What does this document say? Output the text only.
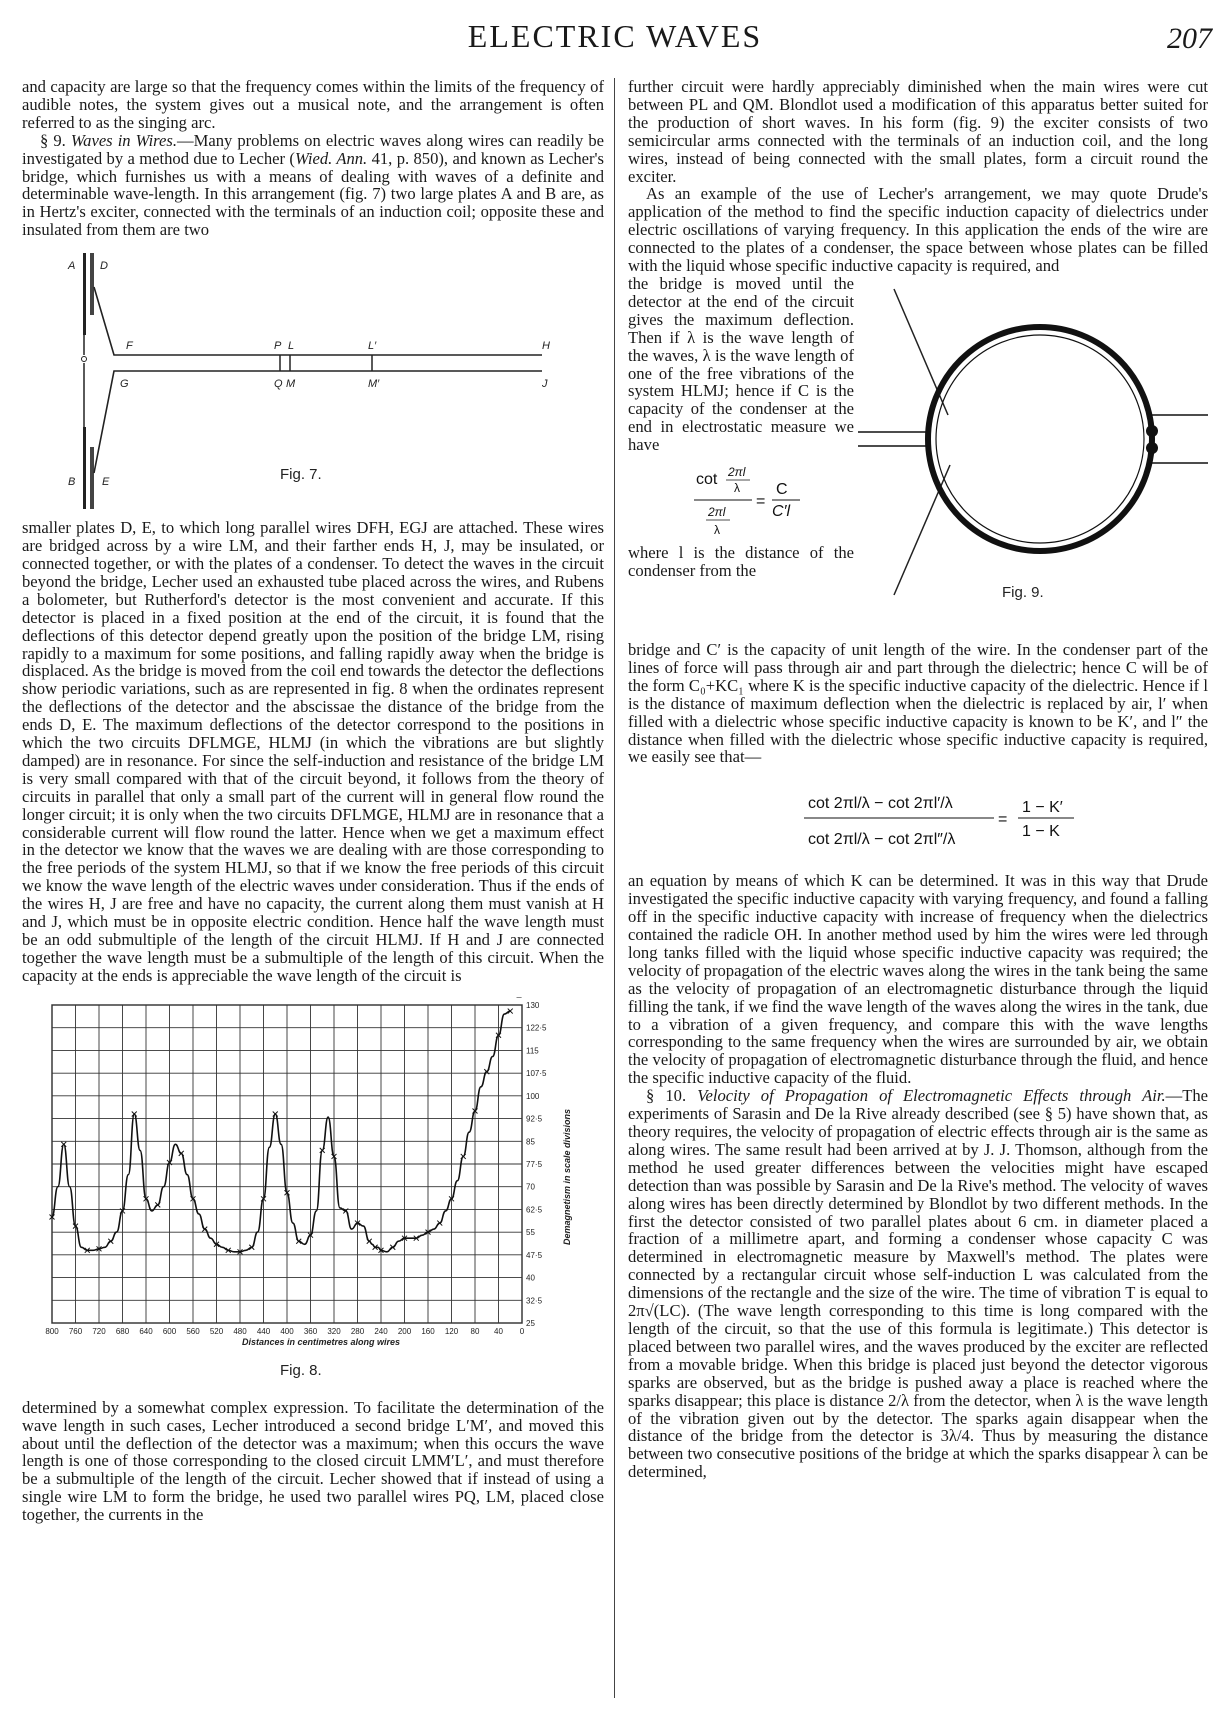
ELECTRIC WAVES	207

and capacity are large so that the frequency comes within the limits of the frequency of audible notes, the system gives out a musical note, and the arrangement is often referred to as the singing arc.

§ 9. Waves in Wires.—Many problems on electric waves along wires can readily be investigated by a method due to Lecher (Wied. Ann. 41, p. 850), and known as Lecher's bridge, which furnishes us with a means of dealing with waves of a definite and determinable wave-length. In this arrangement (fig. 7) two large plates A and B are, as in Hertz's exciter, connected with the terminals of an induction coil; opposite these and insulated from them are two

A D
B E
F
G
P L	L′
Q M	M′
H
J
Fig. 7.

smaller plates D, E, to which long parallel wires DFH, EGJ are attached. These wires are bridged across by a wire LM, and their farther ends H, J, may be insulated, or connected together, or with the plates of a condenser. To detect the waves in the circuit beyond the bridge, Lecher used an exhausted tube placed across the wires, and Rubens a bolometer, but Rutherford's detector is the most convenient and accurate. If this detector is placed in a fixed position at the end of the circuit, it is found that the deflections of this detector depend greatly upon the position of the bridge LM, rising rapidly to a maximum for some positions, and falling rapidly away when the bridge is displaced. As the bridge is moved from the coil end towards the detector the deflections show periodic variations, such as are represented in fig. 8 when the ordinates represent the deflections of the detector and the abscissae the distance of the bridge from the ends D, E. The maximum deflections of the detector correspond to the positions in which the two circuits DFLMGE, HLMJ (in which the vibrations are but slightly damped) are in resonance. For since the self-induction and resistance of the bridge LM is very small compared with that of the circuit beyond, it follows from the theory of circuits in parallel that only a small part of the current will in general flow round the longer circuit; it is only when the two circuits DFLMGE, HLMJ are in resonance that a considerable current will flow round the latter. Hence when we get a maximum effect in the detector we know that the waves we are dealing with are those corresponding to the free periods of the system HLMJ, so that if we know the free periods of this circuit we know the wave length of the electric waves under consideration. Thus if the ends of the wires H, J are free and have no capacity, the current along them must vanish at H and J, which must be in opposite electric condition. Hence half the wave length must be an odd submultiple of the length of the circuit HLMJ. If H and J are connected together the wave length must be a submultiple of the length of this circuit. When the capacity at the ends is appreciable the wave length of the circuit is

800 760 720 680 640 600 560 520 480 440 400 360 320 280 240 200 160 120 80 40 0
25
32·5
40
47·5
55
62·5
70
77·5
85
92·5
100
107·5
115
122·5
130
Distances in centimetres along wires
Demagnetism in scale divisions
Fig. 8.

determined by a somewhat complex expression. To facilitate the determination of the wave length in such cases, Lecher introduced a second bridge L′M′, and moved this about until the deflection of the detector was a maximum; when this occurs the wave length is one of those corresponding to the closed circuit LMM′L′, and must therefore be a submultiple of the length of the circuit. Lecher showed that if instead of using a single wire LM to form the bridge, he used two parallel wires PQ, LM, placed close together, the currents in the

further circuit were hardly appreciably diminished when the main wires were cut between PL and QM. Blondlot used a modification of this apparatus better suited for the production of short waves. In his form (fig. 9) the exciter consists of two semicircular arms connected with the terminals of an induction coil, and the long wires, instead of being connected with the small plates, form a circuit round the exciter.

As an example of the use of Lecher's arrangement, we may quote Drude's application of the method to find the specific induction capacity of dielectrics under electric oscillations of varying frequency. In this application the ends of the wire are connected to the plates of a condenser, the space between whose plates can be filled with the liquid whose specific inductive capacity is required, and

the bridge is moved until the detector at the end of the circuit gives the maximum deflection. Then if λ is the wave length of the waves, λ is the wave length of one of the free vibrations of the system HLMJ; hence if C is the capacity of the condenser at the end in electrostatic measure we have

cot 2πl
λ
2πl
λ
=
C
C′l

where l is the distance of the condenser from the

Fig. 9.

bridge and C′ is the capacity of unit length of the wire. In the condenser part of the lines of force will pass through air and part through the dielectric; hence C will be of the form C₀+KC₁ where K is the specific inductive capacity of the dielectric. Hence if l is the distance of maximum deflection when the dielectric is replaced by air, l′ when filled with a dielectric whose specific inductive capacity is known to be K′, and l″ the distance when filled with the dielectric whose specific inductive capacity is required, we easily see that—

cot 2πl/λ − cot 2πl′/λ
cot 2πl/λ − cot 2πl″/λ
=
1 − K′
1 − K

an equation by means of which K can be determined. It was in this way that Drude investigated the specific inductive capacity with varying frequency, and found a falling off in the specific inductive capacity with increase of frequency when the dielectrics contained the radicle OH. In another method used by him the wires were led through long tanks filled with the liquid whose specific inductive capacity was required; the velocity of propagation of the electric waves along the wires in the tank being the same as the velocity of propagation of an electromagnetic disturbance through the liquid filling the tank, if we find the wave length of the waves along the wires in the tank, due to a vibration of a given frequency, and compare this with the wave lengths corresponding to the same frequency when the wires are surrounded by air, we obtain the velocity of propagation of electromagnetic disturbance through the fluid, and hence the specific inductive capacity of the fluid.

§ 10. Velocity of Propagation of Electromagnetic Effects through Air.—The experiments of Sarasin and De la Rive already described (see § 5) have shown that, as theory requires, the velocity of propagation of electric effects through air is the same as along wires. The same result had been arrived at by J. J. Thomson, although from the method he used greater differences between the velocities might have escaped detection than was possible by Sarasin and De la Rive's method. The velocity of waves along wires has been directly determined by Blondlot by two different methods. In the first the detector consisted of two parallel plates about 6 cm. in diameter placed a fraction of a millimetre apart, and forming a condenser whose capacity C was determined in electromagnetic measure by Maxwell's method. The plates were connected by a rectangular circuit whose self-induction L was calculated from the dimensions of the rectangle and the size of the wire. The time of vibration T is equal to 2π√(LC). (The wave length corresponding to this time is long compared with the length of the circuit, so that the use of this formula is legitimate.) This detector is placed between two parallel wires, and the waves produced by the exciter are reflected from a movable bridge. When this bridge is placed just beyond the detector vigorous sparks are observed, but as the bridge is pushed away a place is reached where the sparks disappear; this place is distance 2/λ from the detector, when λ is the wave length of the vibration given out by the detector. The sparks again disappear when the distance of the bridge from the detector is 3λ/4. Thus by measuring the distance between two consecutive positions of the bridge at which the sparks disappear λ can be determined,
